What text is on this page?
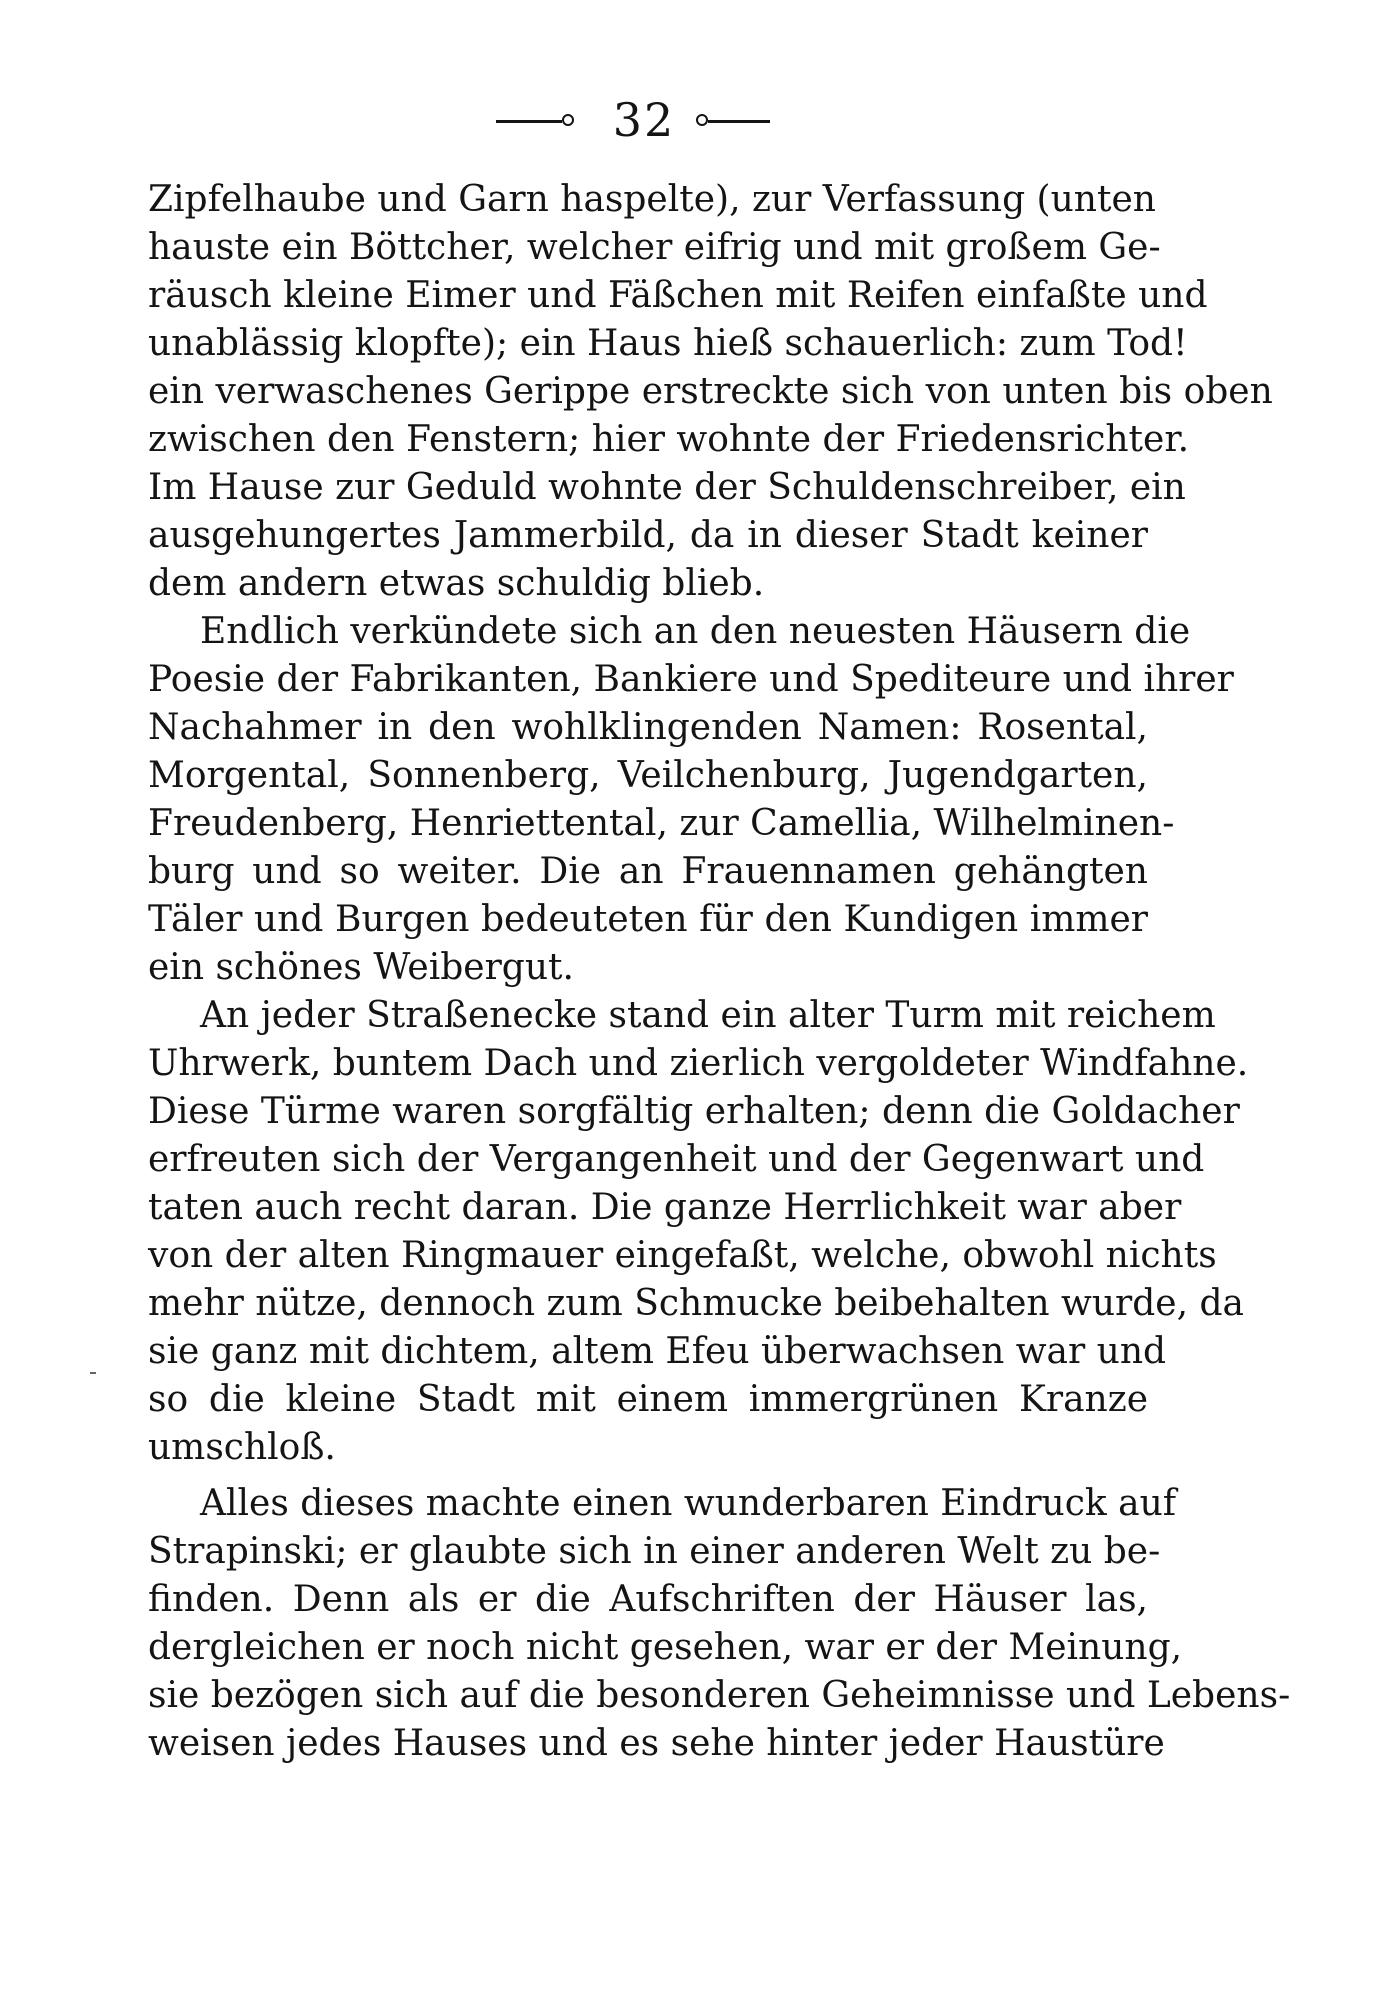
32
Zipfelhaube und Garn haspelte), zur Verfassung (unten
hauste ein Böttcher, welcher eifrig und mit großem Ge-
räusch kleine Eimer und Fäßchen mit Reifen einfaßte und
unablässig klopfte); ein Haus hieß schauerlich: zum Tod!
ein verwaschenes Gerippe erstreckte sich von unten bis oben
zwischen den Fenstern; hier wohnte der Friedensrichter.
Im Hause zur Geduld wohnte der Schuldenschreiber, ein
ausgehungertes Jammerbild, da in dieser Stadt keiner
dem andern etwas schuldig blieb.
Endlich verkündete sich an den neuesten Häusern die
Poesie der Fabrikanten, Bankiere und Spediteure und ihrer
Nachahmer in den wohlklingenden Namen: Rosental,
Morgental, Sonnenberg, Veilchenburg, Jugendgarten,
Freudenberg, Henriettental, zur Camellia, Wilhelminen-
burg und so weiter. Die an Frauennamen gehängten
Täler und Burgen bedeuteten für den Kundigen immer
ein schönes Weibergut.
An jeder Straßenecke stand ein alter Turm mit reichem
Uhrwerk, buntem Dach und zierlich vergoldeter Windfahne.
Diese Türme waren sorgfältig erhalten; denn die Goldacher
erfreuten sich der Vergangenheit und der Gegenwart und
taten auch recht daran. Die ganze Herrlichkeit war aber
von der alten Ringmauer eingefaßt, welche, obwohl nichts
mehr nütze, dennoch zum Schmucke beibehalten wurde, da
sie ganz mit dichtem, altem Efeu überwachsen war und
so die kleine Stadt mit einem immergrünen Kranze
umschloß.
Alles dieses machte einen wunderbaren Eindruck auf
Strapinski; er glaubte sich in einer anderen Welt zu be-
finden. Denn als er die Aufschriften der Häuser las,
dergleichen er noch nicht gesehen, war er der Meinung,
sie bezögen sich auf die besonderen Geheimnisse und Lebens-
weisen jedes Hauses und es sehe hinter jeder Haustüre
